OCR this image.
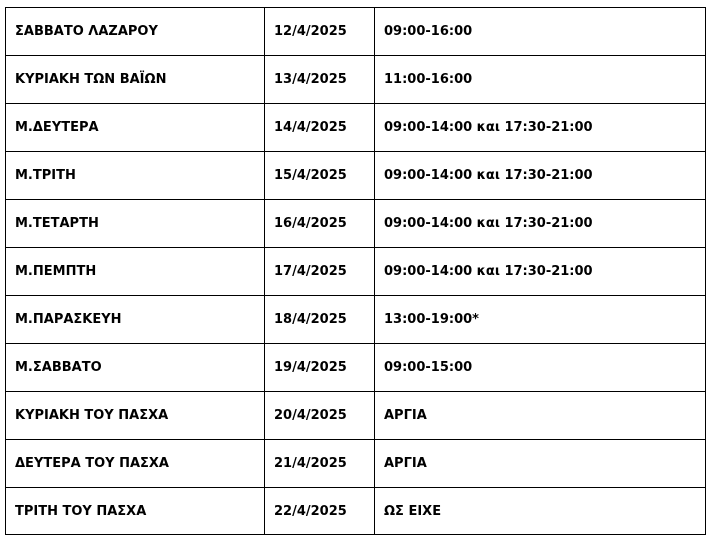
ΣΑΒΒΑΤΟ ΛΑΖΑΡΟΥ	12/4/2025	09:00-16:00
ΚΥΡΙΑΚΗ ΤΩΝ ΒΑΪΩΝ	13/4/2025	11:00-16:00
Μ.ΔΕΥΤΕΡΑ	14/4/2025	09:00-14:00 και 17:30-21:00
Μ.ΤΡΙΤΗ	15/4/2025	09:00-14:00 και 17:30-21:00
Μ.ΤΕΤΑΡΤΗ	16/4/2025	09:00-14:00 και 17:30-21:00
Μ.ΠΕΜΠΤΗ	17/4/2025	09:00-14:00 και 17:30-21:00
Μ.ΠΑΡΑΣΚΕΥΗ	18/4/2025	13:00-19:00*
Μ.ΣΑΒΒΑΤΟ	19/4/2025	09:00-15:00
ΚΥΡΙΑΚΗ ΤΟΥ ΠΑΣΧΑ	20/4/2025	ΑΡΓΙΑ
ΔΕΥΤΕΡΑ ΤΟΥ ΠΑΣΧΑ	21/4/2025	ΑΡΓΙΑ
ΤΡΙΤΗ ΤΟΥ ΠΑΣΧΑ	22/4/2025	ΩΣ ΕΙΧΕ
